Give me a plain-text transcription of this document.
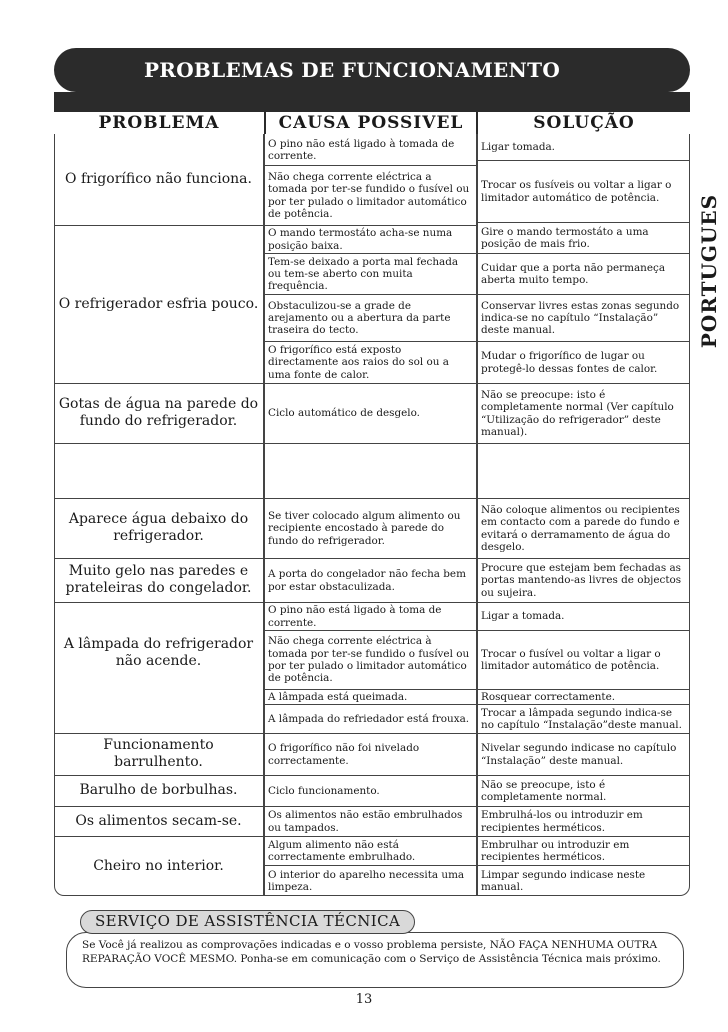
PROBLEMAS DE FUNCIONAMENTO
PROBLEMA	CAUSA POSSIVEL	SOLUÇÃO
O frigorífico não funciona.
O refrigerador esfria pouco.
Gotas de água na parede do fundo do refrigerador.
Aparece água debaixo do refrigerador.
Muito gelo nas paredes e prateleiras do congelador.
A lâmpada do refrigerador não acende.
Funcionamento barrulhento.
Barulho de borbulhas.
Os alimentos secam-se.
Cheiro no interior.
O pino não está ligado à tomada de corrente.
Não chega corrente eléctrica a tomada por ter-se fundido o fusível ou por ter pulado o limitador automático de potência.
O mando termostáto acha-se numa posição baixa.
Tem-se deixado a porta mal fechada ou tem-se aberto con muita frequência.
Obstaculizou-se a grade de arejamento ou a abertura da parte traseira do tecto.
O frigorífico está exposto directamente aos raios do sol ou a uma fonte de calor.
Ciclo automático de desgelo.
Se tiver colocado algum alimento ou recipiente encostado à parede do fundo do refrigerador.
A porta do congelador não fecha bem por estar obstaculizada.
O pino não está ligado à toma de corrente.
Não chega corrente eléctrica à tomada por ter-se fundido o fusível ou por ter pulado o limitador automático de potência.
A lâmpada está queimada.
A lâmpada do refriedador está frouxa.
O frigorífico não foi nivelado correctamente.
Ciclo funcionamento.
Os alimentos não estão embrulhados ou tampados.
Algum alimento não está correctamente embrulhado.
O interior do aparelho necessita uma limpeza.
Ligar tomada.
Trocar os fusíveis ou voltar a ligar o limitador automático de potência.
Gire o mando termostáto a uma posição de mais frio.
Cuidar que a porta não permaneça aberta muito tempo.
Conservar livres estas zonas segundo indica-se no capítulo “Instalação” deste manual.
Mudar o frigorífico de lugar ou protegê-lo dessas fontes de calor.
Não se preocupe: isto é completamente normal (Ver capítulo “Utilização do refrigerador” deste manual).
Não coloque alimentos ou recipientes em contacto com a parede do fundo e evitará o derramamento de água do desgelo.
Procure que estejam bem fechadas as portas mantendo-as livres de objectos ou sujeira.
Ligar a tomada.
Trocar o fusível ou voltar a ligar o limitador automático de potência.
Rosquear correctamente.
Trocar a lâmpada segundo indica-se no capítulo “Instalação”deste manual.
Nivelar segundo indicase no capítulo “Instalação” deste manual.
Não se preocupe, isto é completamente normal.
Embrulhá-los ou introduzir em recipientes herméticos.
Embrulhar ou introduzir em recipientes herméticos.
Limpar segundo indicase neste manual.
PORTUGUES
SERVIÇO DE ASSISTÊNCIA TÉCNICA
Se Você já realizou as comprovações indicadas e o vosso problema persiste, NÃO FAÇA NENHUMA OUTRA REPARAÇÃO VOCÊ MESMO. Ponha-se em comunicação com o Serviço de Assistência Técnica mais próximo.
13
